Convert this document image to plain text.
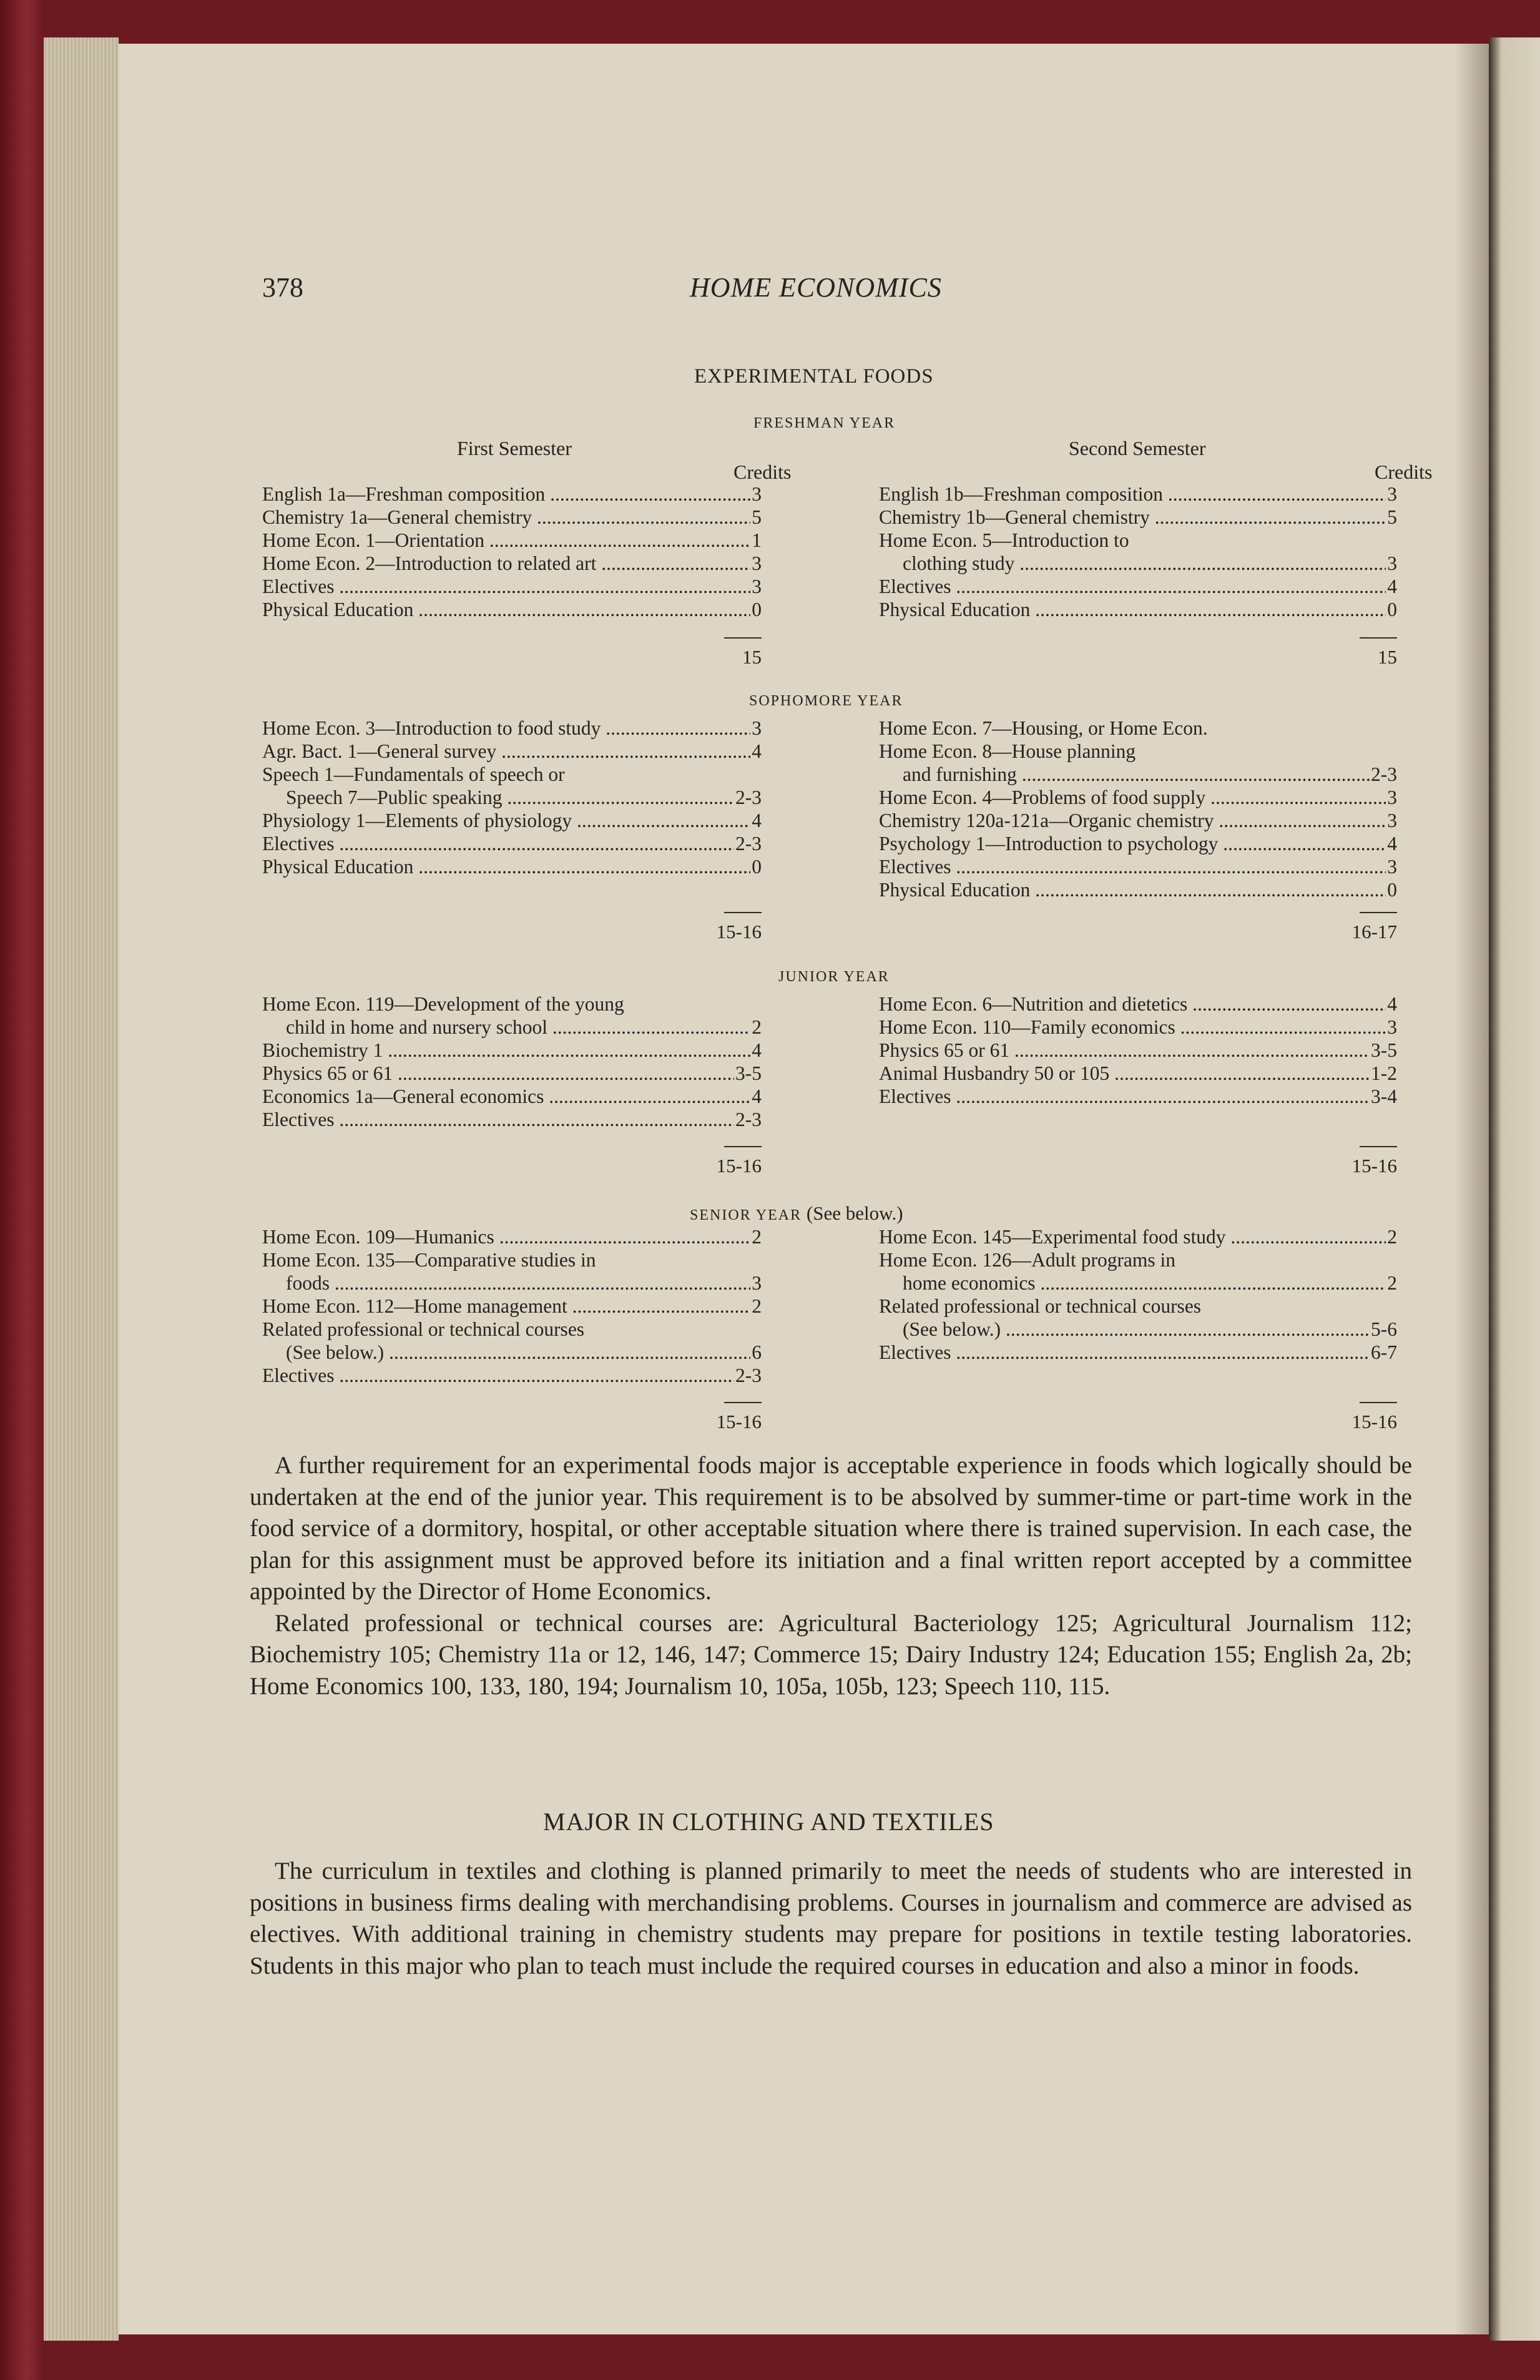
378	HOME ECONOMICS
EXPERIMENTAL FOODS
First Semester	Second Semester
Credits	Credits
FRESHMAN YEAR
English 1a—Freshman composition .....	3
Chemistry 1a—General chemistry .....	5
Home Econ. 1—Orientation .....	1
Home Econ. 2—Introduction to related art .....	3
Electives .....	3
Physical Education .....	0
15
English 1b—Freshman composition .....	3
Chemistry 1b—General chemistry .....	5
Home Econ. 5—Introduction to
clothing study .....	3
Electives .....	4
Physical Education .....	0
15
SOPHOMORE YEAR
Home Econ. 3—Introduction to food study .....	3
Agr. Bact. 1—General survey .....	4
Speech 1—Fundamentals of speech or
Speech 7—Public speaking .....	2-3
Physiology 1—Elements of physiology .....	4
Electives .....	2-3
Physical Education .....	0
15-16
Home Econ. 7—Housing, or Home Econ.
Home Econ. 8—House planning
and furnishing .....	2-3
Home Econ. 4—Problems of food supply .....	3
Chemistry 120a-121a—Organic chemistry .....	3
Psychology 1—Introduction to psychology .....	4
Electives .....	3
Physical Education .....	0
16-17
JUNIOR YEAR
Home Econ. 119—Development of the young
child in home and nursery school .....	2
Biochemistry 1 .....	4
Physics 65 or 61 .....	3-5
Economics 1a—General economics .....	4
Electives .....	2-3
15-16
Home Econ. 6—Nutrition and dietetics .....	4
Home Econ. 110—Family economics .....	3
Physics 65 or 61 .....	3-5
Animal Husbandry 50 or 105 .....	1-2
Electives .....	3-4
15-16
SENIOR YEAR (See below.)
Home Econ. 109—Humanics .....	2
Home Econ. 135—Comparative studies in
foods .....	3
Home Econ. 112—Home management .....	2
Related professional or technical courses
(See below.) .....	6
Electives .....	2-3
15-16
Home Econ. 145—Experimental food study .....	2
Home Econ. 126—Adult programs in
home economics .....	2
Related professional or technical courses
(See below.) .....	5-6
Electives .....	6-7
15-16

A further requirement for an experimental foods major is acceptable experience in foods which logically should be undertaken at the end of the junior year. This requirement is to be absolved by summer-time or part-time work in the food service of a dormitory, hospital, or other acceptable situation where there is trained supervision. In each case, the plan for this assignment must be approved before its initiation and a final written report accepted by a committee appointed by the Director of Home Economics.

Related professional or technical courses are: Agricultural Bacteriology 125; Agricultural Journalism 112; Biochemistry 105; Chemistry 11a or 12, 146, 147; Commerce 15; Dairy Industry 124; Education 155; English 2a, 2b; Home Economics 100, 133, 180, 194; Journalism 10, 105a, 105b, 123; Speech 110, 115.

MAJOR IN CLOTHING AND TEXTILES

The curriculum in textiles and clothing is planned primarily to meet the needs of students who are interested in positions in business firms dealing with merchandising problems. Courses in journalism and commerce are advised as electives. With additional training in chemistry students may prepare for positions in textile testing laboratories. Students in this major who plan to teach must include the required courses in education and also a minor in foods.
